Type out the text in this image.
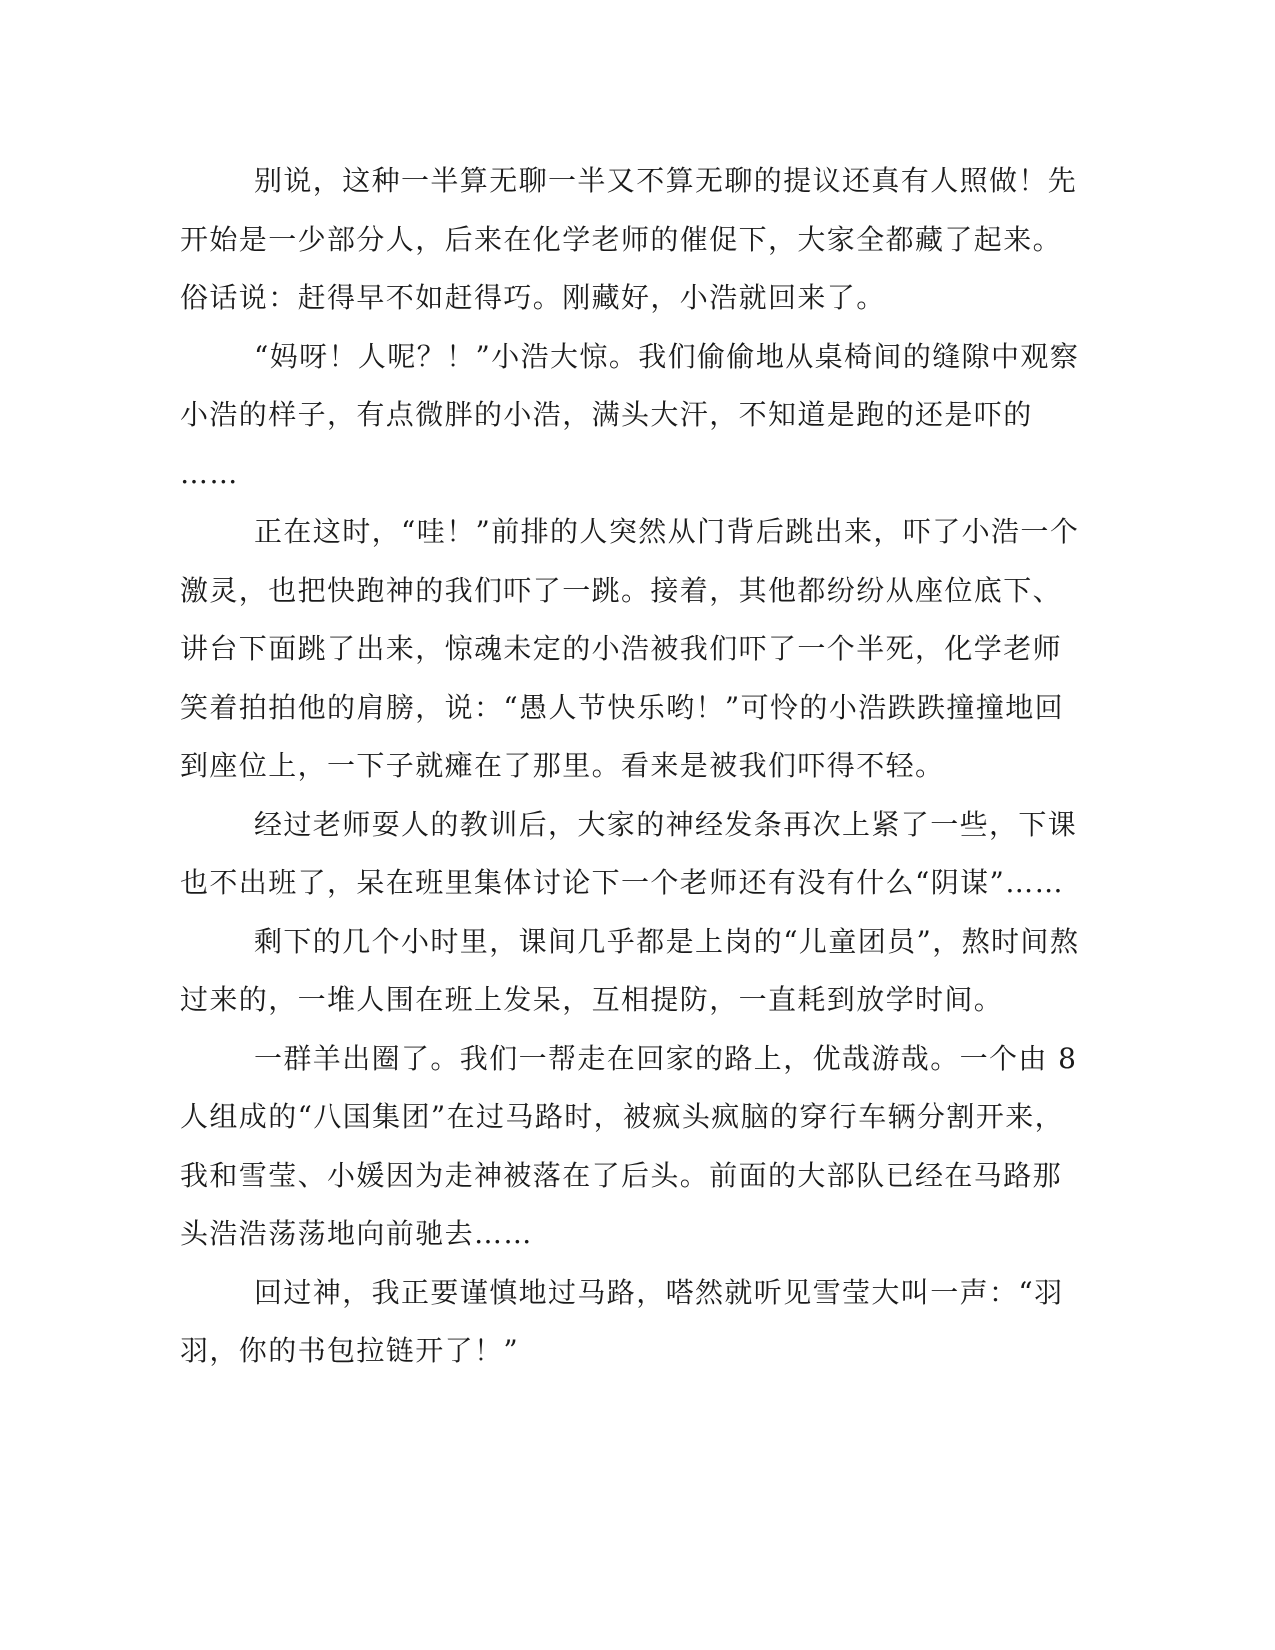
别说，这种一半算无聊一半又不算无聊的提议还真有人照做！先
开始是一少部分人，后来在化学老师的催促下，大家全都藏了起来。
俗话说：赶得早不如赶得巧。刚藏好，小浩就回来了。
“妈呀！人呢？！”小浩大惊。我们偷偷地从桌椅间的缝隙中观察
小浩的样子，有点微胖的小浩，满头大汗，不知道是跑的还是吓的
……
正在这时，“哇！”前排的人突然从门背后跳出来，吓了小浩一个
激灵，也把快跑神的我们吓了一跳。接着，其他都纷纷从座位底下、
讲台下面跳了出来，惊魂未定的小浩被我们吓了一个半死，化学老师
笑着拍拍他的肩膀，说：“愚人节快乐哟！”可怜的小浩跌跌撞撞地回
到座位上，一下子就瘫在了那里。看来是被我们吓得不轻。
经过老师耍人的教训后，大家的神经发条再次上紧了一些，下课
也不出班了，呆在班里集体讨论下一个老师还有没有什么“阴谋”……
剩下的几个小时里，课间几乎都是上岗的“儿童团员”，熬时间熬
过来的，一堆人围在班上发呆，互相提防，一直耗到放学时间。
一群羊出圈了。我们一帮走在回家的路上，优哉游哉。一个由 8
人组成的“八国集团”在过马路时，被疯头疯脑的穿行车辆分割开来，
我和雪莹、小媛因为走神被落在了后头。前面的大部队已经在马路那
头浩浩荡荡地向前驰去……
回过神，我正要谨慎地过马路，嗒然就听见雪莹大叫一声：“羽
羽，你的书包拉链开了！”
